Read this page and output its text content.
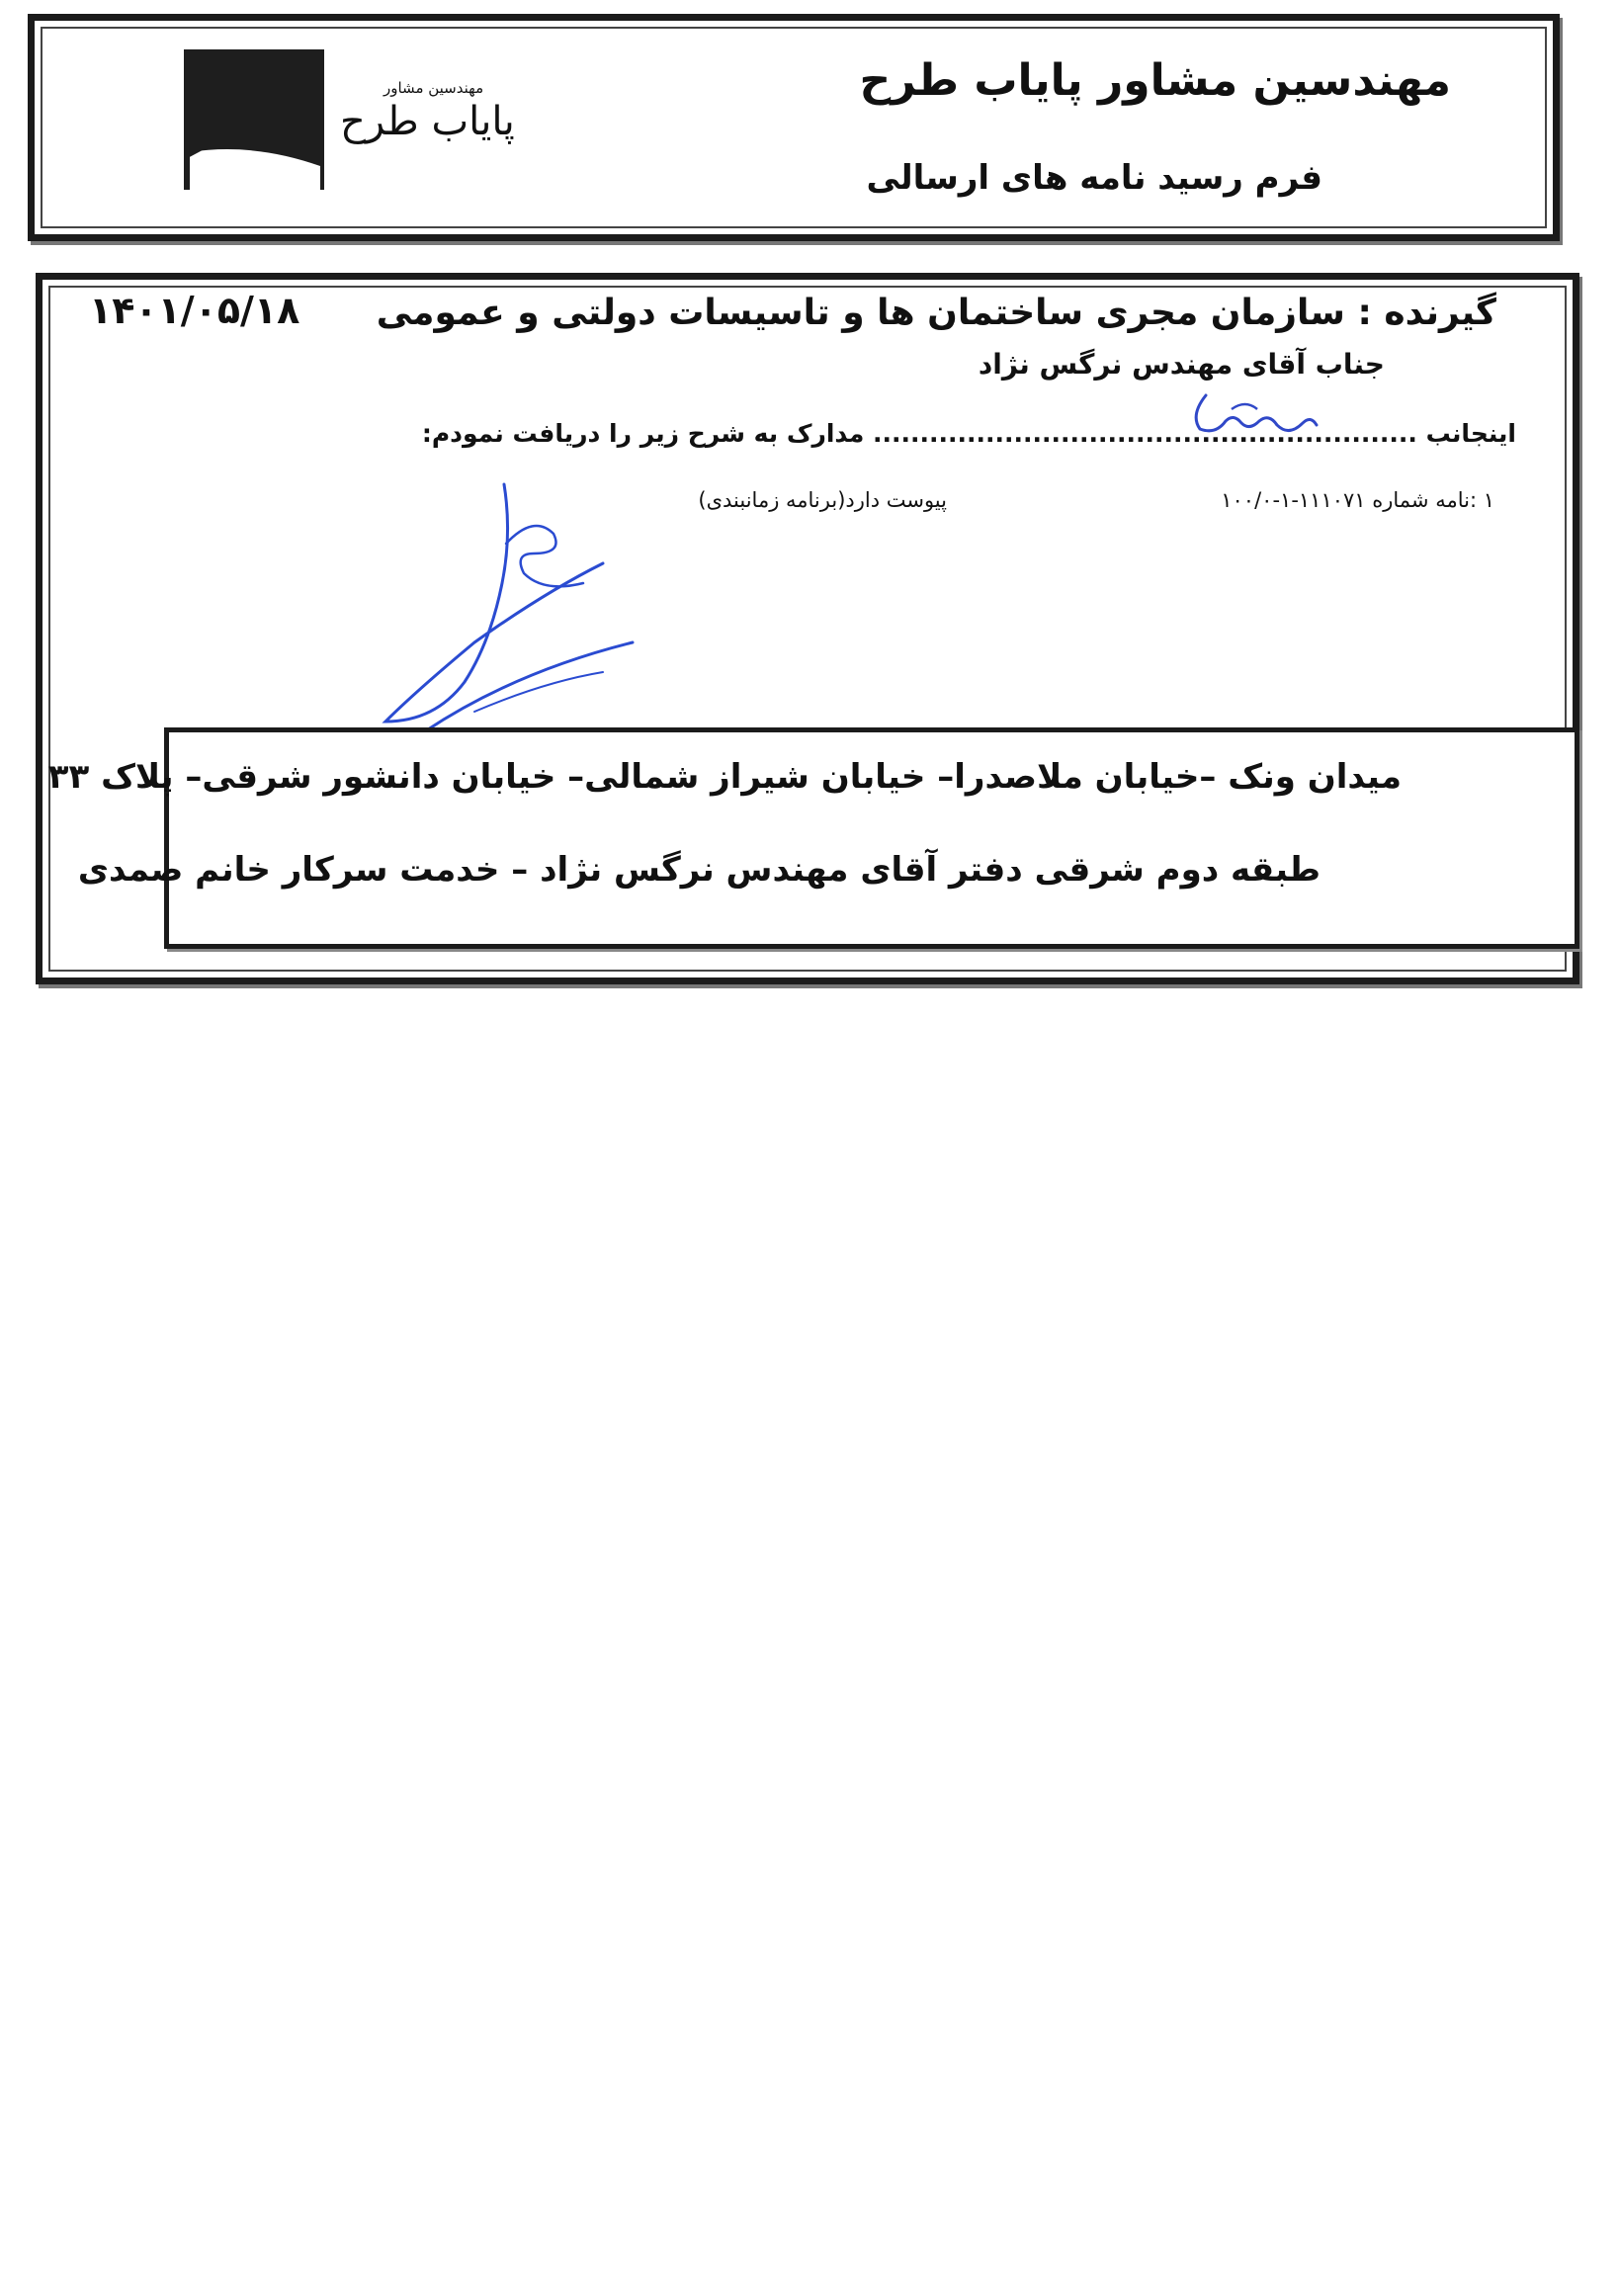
مهندسین مشاور پایاب طرح
فرم رسید نامه های ارسالی
مهندسین مشاور
پایاب طرح
۱۴۰۱/۰۵/۱۸ گیرنده : سازمان مجری ساختمان ها و تاسیسات دولتی و عمومی
جناب آقای مهندس نرگس نژاد
اینجانب .......................................................... مدارک به شرح زیر را دریافت نمودم:
۱ :نامه شماره ۱۱۱۰۷۱-۱-۱۰۰/۰
پیوست دارد(برنامه زمانبندی)
میدان ونک –خیابان ملاصدرا– خیابان شیراز شمالی– خیابان دانشور شرقی– پلاک ۳۳
طبقه دوم شرقی دفتر آقای مهندس نرگس نژاد – خدمت سرکار خانم صمدی
